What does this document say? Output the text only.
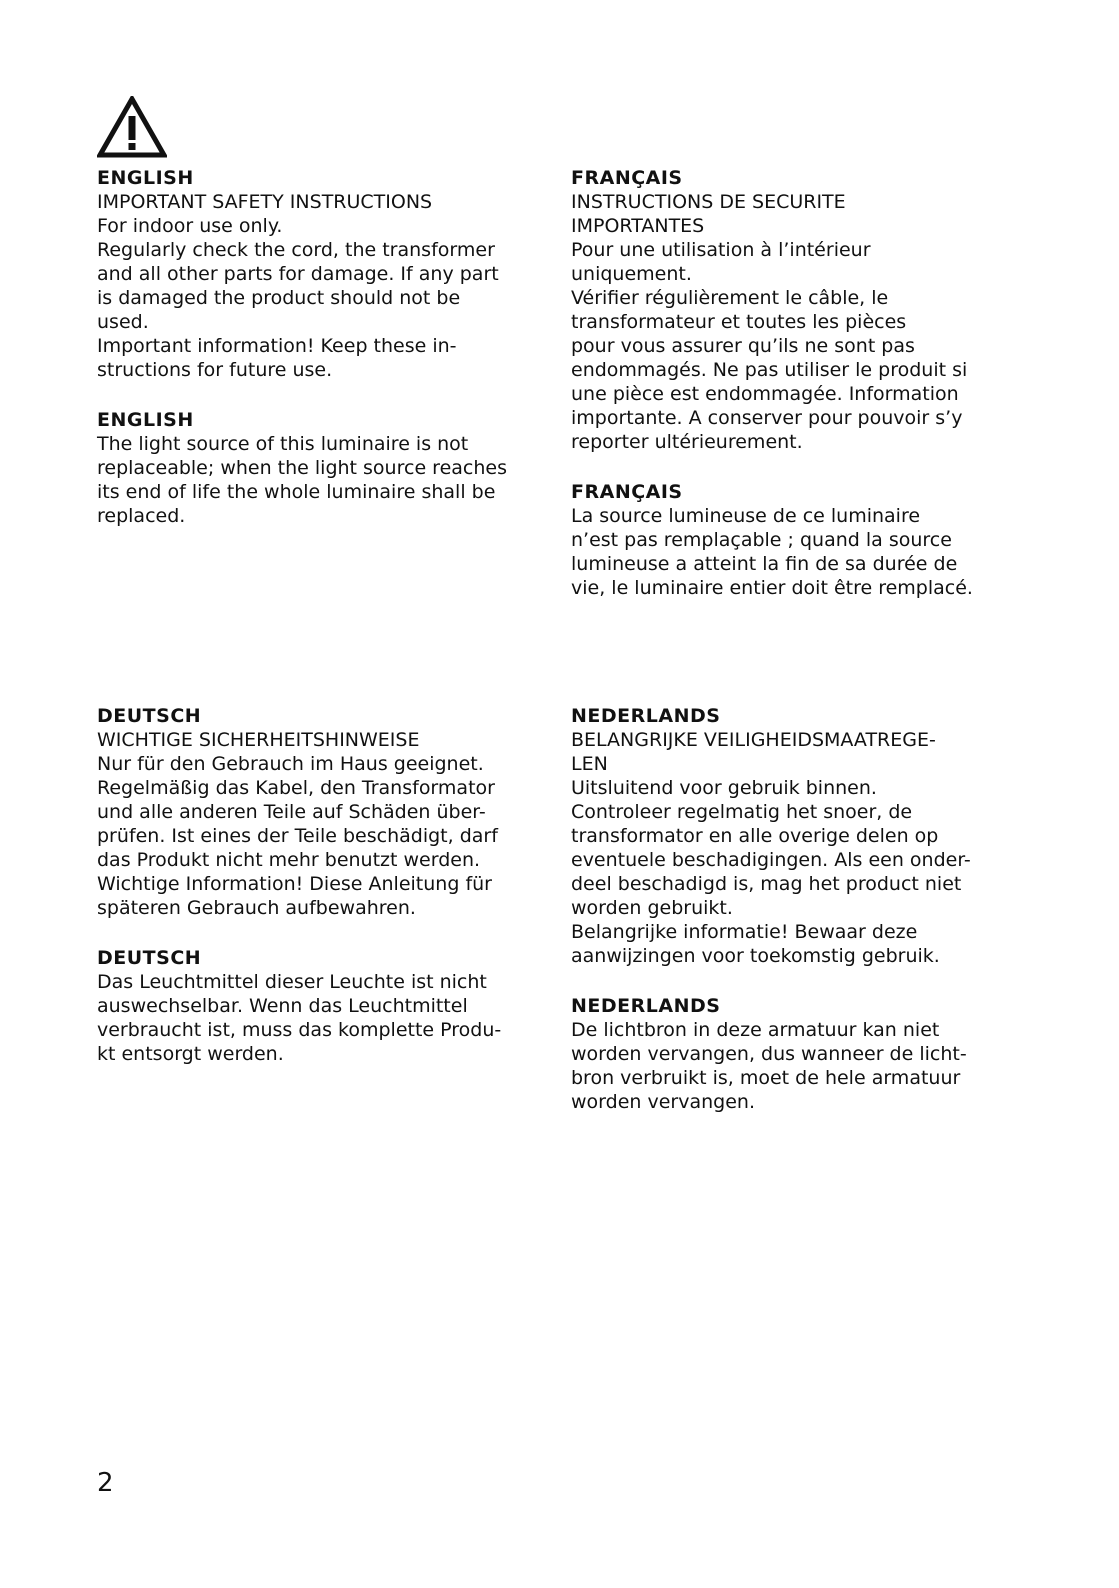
ENGLISH
IMPORTANT SAFETY INSTRUCTIONS
For indoor use only.
Regularly check the cord, the transformer
and all other parts for damage. If any part
is damaged the product should not be
used.
Important information! Keep these in-
structions for future use.
ENGLISH
The light source of this luminaire is not
replaceable; when the light source reaches
its end of life the whole luminaire shall be
replaced.
FRANÇAIS
INSTRUCTIONS DE SECURITE
IMPORTANTES
Pour une utilisation à l’intérieur
uniquement.
Vérifier régulièrement le câble, le
transformateur et toutes les pièces
pour vous assurer qu’ils ne sont pas
endommagés. Ne pas utiliser le produit si
une pièce est endommagée. Information
importante. A conserver pour pouvoir s’y
reporter ultérieurement.
FRANÇAIS
La source lumineuse de ce luminaire
n’est pas remplaçable ; quand la source
lumineuse a atteint la fin de sa durée de
vie, le luminaire entier doit être remplacé.
DEUTSCH
WICHTIGE SICHERHEITSHINWEISE
Nur für den Gebrauch im Haus geeignet.
Regelmäßig das Kabel, den Transformator
und alle anderen Teile auf Schäden über-
prüfen. Ist eines der Teile beschädigt, darf
das Produkt nicht mehr benutzt werden.
Wichtige Information! Diese Anleitung für
späteren Gebrauch aufbewahren.
DEUTSCH
Das Leuchtmittel dieser Leuchte ist nicht
auswechselbar. Wenn das Leuchtmittel
verbraucht ist, muss das komplette Produ-
kt entsorgt werden.
NEDERLANDS
BELANGRIJKE VEILIGHEIDSMAATREGE-
LEN
Uitsluitend voor gebruik binnen.
Controleer regelmatig het snoer, de
transformator en alle overige delen op
eventuele beschadigingen. Als een onder-
deel beschadigd is, mag het product niet
worden gebruikt.
Belangrijke informatie! Bewaar deze
aanwijzingen voor toekomstig gebruik.
NEDERLANDS
De lichtbron in deze armatuur kan niet
worden vervangen, dus wanneer de licht-
bron verbruikt is, moet de hele armatuur
worden vervangen.
2
